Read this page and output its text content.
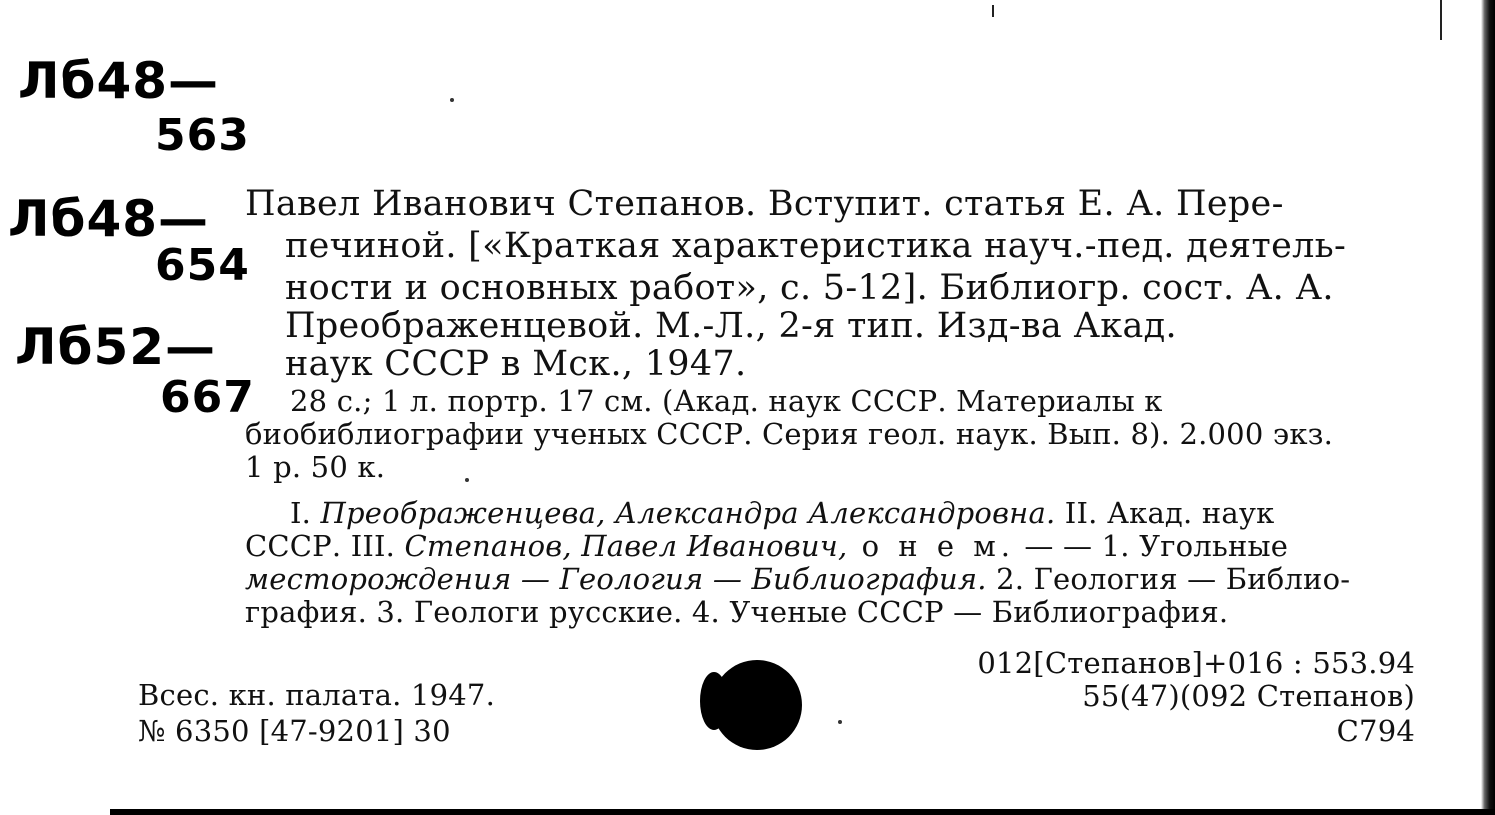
Лб48—
563
Лб48—
654
Лб52—
667
Павел Иванович Степанов. Вступит. статья Е. А. Пере-
печиной. [«Краткая характеристика науч.-пед. деятель-
ности и основных работ», с. 5-12]. Библиогр. сост. А. А.
Преображенцевой. М.-Л., 2-я тип. Изд-ва Акад.
наук СССР в Мск., 1947.
28 с.; 1 л. портр. 17 см. (Акад. наук СССР. Материалы к
биобиблиографии ученых СССР. Серия геол. наук. Вып. 8). 2.000 экз.
1 р. 50 к.
I. Преображенцева, Александра Александровна. II. Акад. наук
СССР. III. Степанов, Павел Иванович, о н е м. — — 1. Угольные
месторождения — Геология — Библиография. 2. Геология — Библио-
графия. 3. Геологи русские. 4. Ученые СССР — Библиография.
Всес. кн. палата. 1947.
№ 6350 [47-9201] 30
012[Степанов]+016 : 553.94
55(47)(092 Степанов)
С794
